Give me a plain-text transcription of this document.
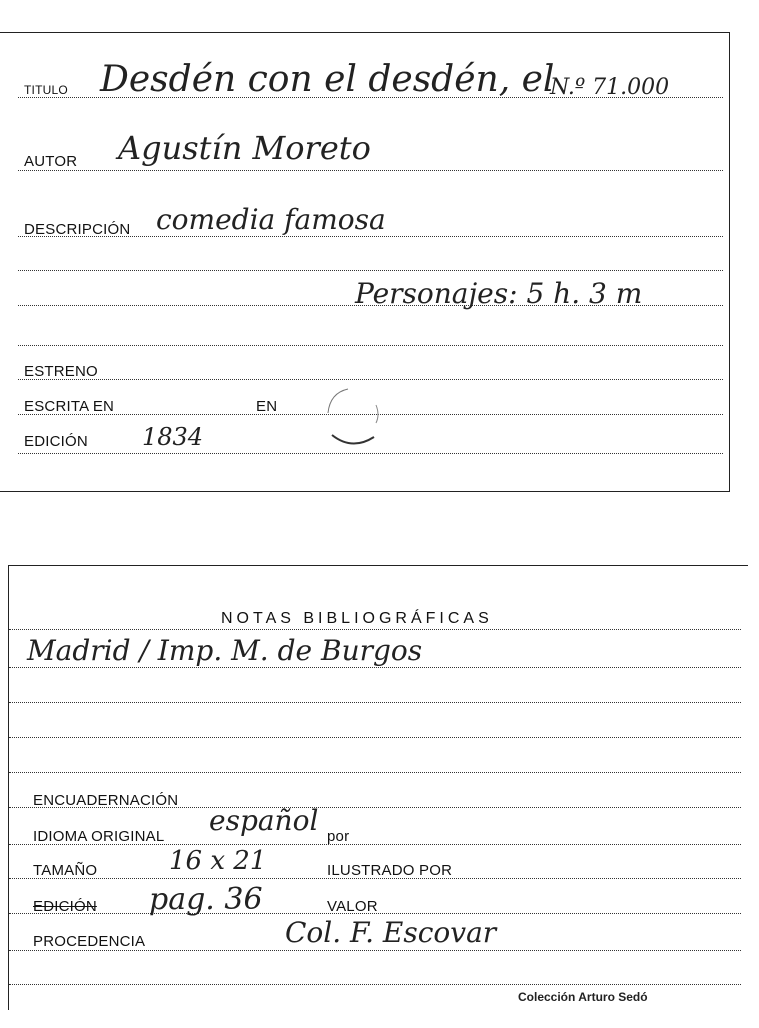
TITULO Desdén con el desdén, el
N.º 71.000
AUTOR Agustín Moreto
DESCRIPCIÓN comedia famosa
Personajes: 5 h. 3 m
ESTRENO
ESCRITA EN	EN
EDICIÓN 1834
NOTAS BIBLIOGRÁFICAS
Madrid / Imp. M. de Burgos
ENCUADERNACIÓN
IDIOMA ORIGINAL español por
TAMAÑO	16 x 21	ILUSTRADO POR
EDICIÓN pag. 36	VALOR
PROCEDENCIA	Col. F. Escovar
Colección Arturo Sedó
